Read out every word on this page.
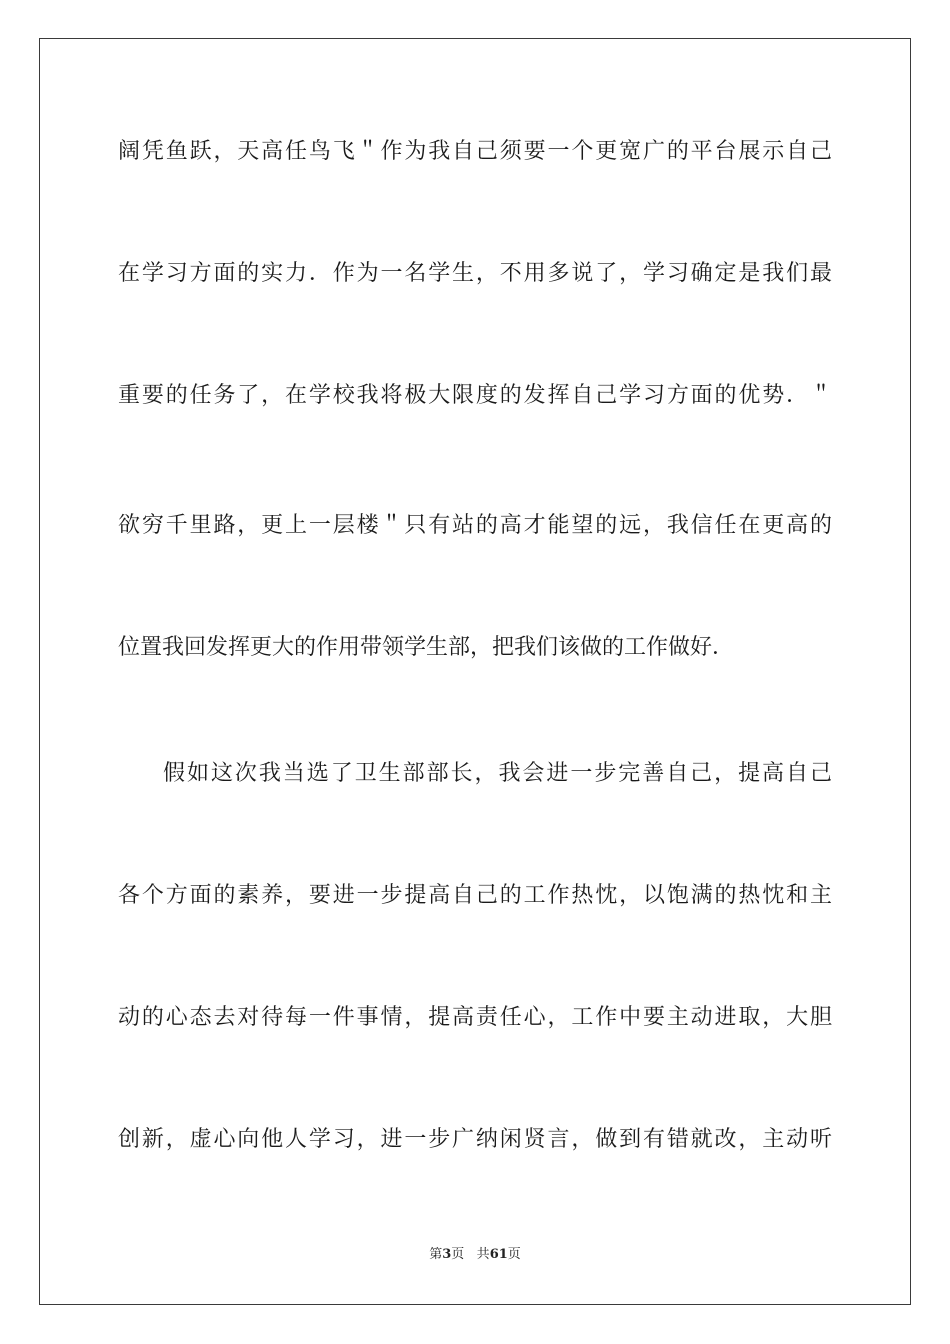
阔凭鱼跃，天高任鸟飞＂作为我自己须要一个更宽广的平台展示自己
在学习方面的实力．作为一名学生，不用多说了，学习确定是我们最
重要的任务了，在学校我将极大限度的发挥自己学习方面的优势．＂
欲穷千里路，更上一层楼＂只有站的高才能望的远，我信任在更高的
位置我回发挥更大的作用带领学生部，把我们该做的工作做好．
假如这次我当选了卫生部部长，我会进一步完善自己，提高自己
各个方面的素养，要进一步提高自己的工作热忱，以饱满的热忱和主
动的心态去对待每一件事情，提高责任心，工作中要主动进取，大胆
创新，虚心向他人学习，进一步广纳闲贤言，做到有错就改，主动听
第3页 共61页
